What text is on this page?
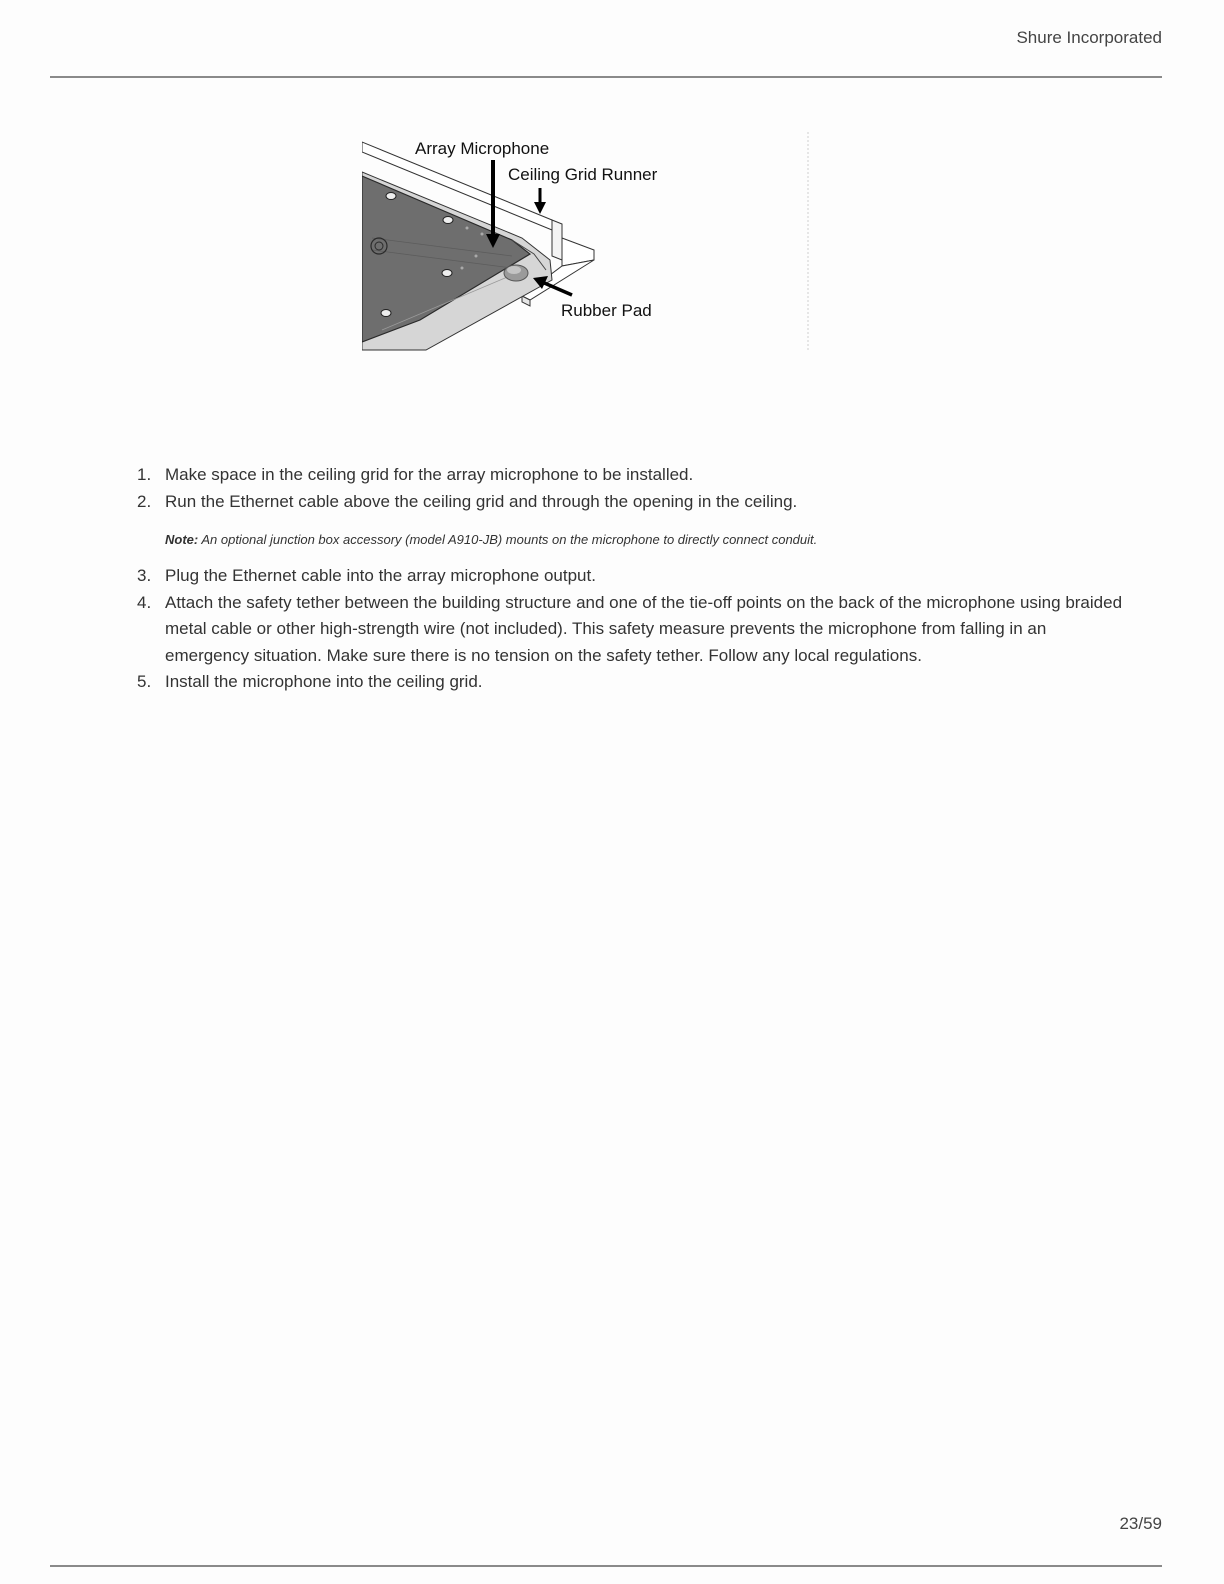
Shure Incorporated
Array Microphone
Ceiling Grid Runner
Rubber Pad
1. Make space in the ceiling grid for the array microphone to be installed.
2. Run the Ethernet cable above the ceiling grid and through the opening in the ceiling.
Note: An optional junction box accessory (model A910-JB) mounts on the microphone to directly connect conduit.
3. Plug the Ethernet cable into the array microphone output.
4. Attach the safety tether between the building structure and one of the tie-off points on the back of the microphone using braided metal cable or other high-strength wire (not included). This safety measure prevents the microphone from falling in an emergency situation. Make sure there is no tension on the safety tether. Follow any local regulations.
5. Install the microphone into the ceiling grid.
23/59
